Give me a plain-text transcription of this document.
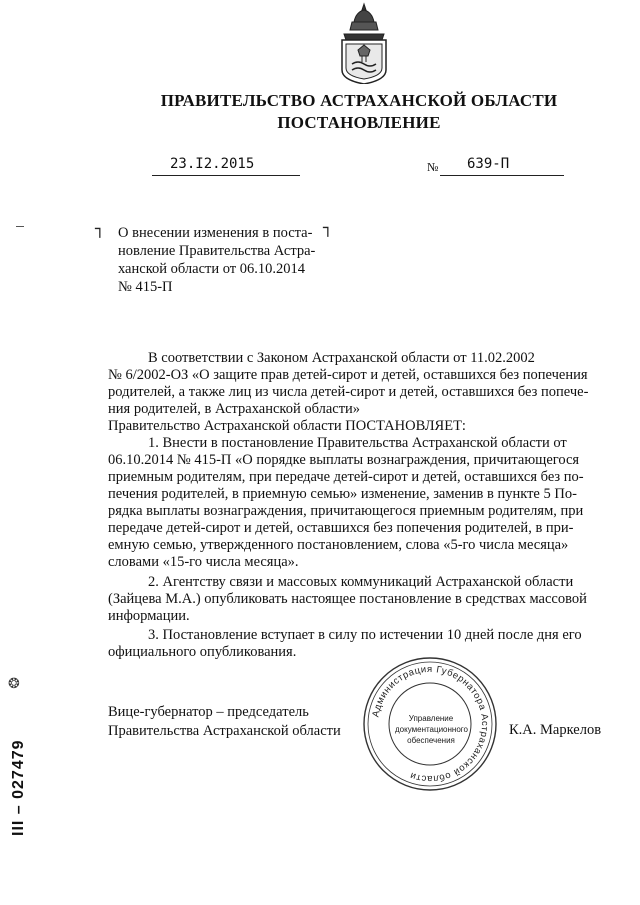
ПРАВИТЕЛЬСТВО АСТРАХАНСКОЙ ОБЛАСТИ
ПОСТАНОВЛЕНИЕ
23.I2.2015	№ 639-П
┐	┐
О внесении изменения в поста-
новление Правительства Астра-
ханской области от 06.10.2014
№ 415-П
В соответствии с Законом Астраханской области от 11.02.2002
№ 6/2002-ОЗ «О защите прав детей-сирот и детей, оставшихся без попечения
родителей, а также лиц из числа детей-сирот и детей, оставшихся без попече-
ния родителей, в Астраханской области»
Правительство Астраханской области ПОСТАНОВЛЯЕТ:
1. Внести в постановление Правительства Астраханской области от
06.10.2014 № 415-П «О порядке выплаты вознаграждения, причитающегося
приемным родителям, при передаче детей-сирот и детей, оставшихся без по-
печения родителей, в приемную семью» изменение, заменив в пункте 5 По-
рядка выплаты вознаграждения, причитающегося приемным родителям, при
передаче детей-сирот и детей, оставшихся без попечения родителей, в при-
емную семью, утвержденного постановлением, слова «5-го числа месяца»
словами «15-го числа месяца».
2. Агентству связи и массовых коммуникаций Астраханской области
(Зайцева М.А.) опубликовать настоящее постановление в средствах массовой
информации.
3. Постановление вступает в силу по истечении 10 дней после дня его
официального опубликования.
Вице-губернатор – председатель
Правительства Астраханской области
Администрация Губернатора Астраханской области
Управление
документационного
обеспечения
К.А. Маркелов
❂
III – 027479
